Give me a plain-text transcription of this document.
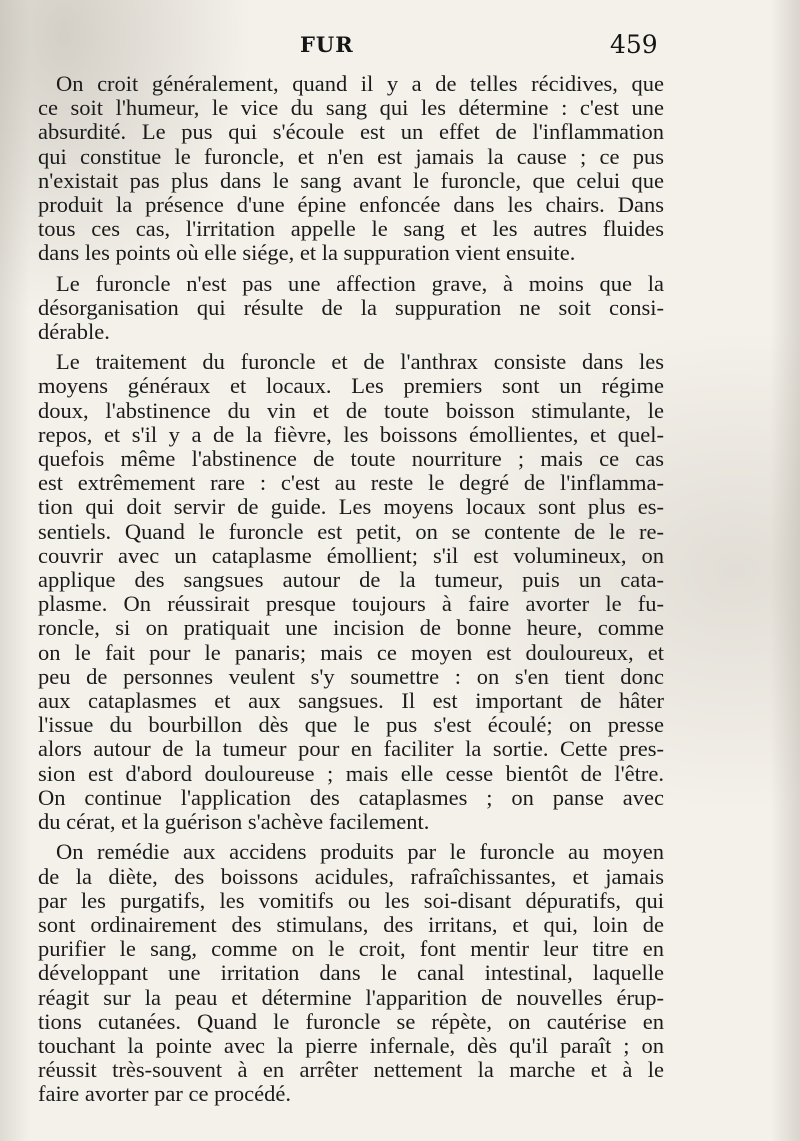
FUR	459
On croit généralement, quand il y a de telles récidives, que
ce soit l'humeur, le vice du sang qui les détermine : c'est une
absurdité. Le pus qui s'écoule est un effet de l'inflammation
qui constitue le furoncle, et n'en est jamais la cause ; ce pus
n'existait pas plus dans le sang avant le furoncle, que celui que
produit la présence d'une épine enfoncée dans les chairs. Dans
tous ces cas, l'irritation appelle le sang et les autres fluides
dans les points où elle siége, et la suppuration vient ensuite.
Le furoncle n'est pas une affection grave, à moins que la
désorganisation qui résulte de la suppuration ne soit consi-
dérable.
Le traitement du furoncle et de l'anthrax consiste dans les
moyens généraux et locaux. Les premiers sont un régime
doux, l'abstinence du vin et de toute boisson stimulante, le
repos, et s'il y a de la fièvre, les boissons émollientes, et quel-
quefois même l'abstinence de toute nourriture ; mais ce cas
est extrêmement rare : c'est au reste le degré de l'inflamma-
tion qui doit servir de guide. Les moyens locaux sont plus es-
sentiels. Quand le furoncle est petit, on se contente de le re-
couvrir avec un cataplasme émollient; s'il est volumineux, on
applique des sangsues autour de la tumeur, puis un cata-
plasme. On réussirait presque toujours à faire avorter le fu-
roncle, si on pratiquait une incision de bonne heure, comme
on le fait pour le panaris; mais ce moyen est douloureux, et
peu de personnes veulent s'y soumettre : on s'en tient donc
aux cataplasmes et aux sangsues. Il est important de hâter
l'issue du bourbillon dès que le pus s'est écoulé; on presse
alors autour de la tumeur pour en faciliter la sortie. Cette pres-
sion est d'abord douloureuse ; mais elle cesse bientôt de l'être.
On continue l'application des cataplasmes ; on panse avec
du cérat, et la guérison s'achève facilement.
On remédie aux accidens produits par le furoncle au moyen
de la diète, des boissons acidules, rafraîchissantes, et jamais
par les purgatifs, les vomitifs ou les soi-disant dépuratifs, qui
sont ordinairement des stimulans, des irritans, et qui, loin de
purifier le sang, comme on le croit, font mentir leur titre en
développant une irritation dans le canal intestinal, laquelle
réagit sur la peau et détermine l'apparition de nouvelles érup-
tions cutanées. Quand le furoncle se répète, on cautérise en
touchant la pointe avec la pierre infernale, dès qu'il paraît ; on
réussit très-souvent à en arrêter nettement la marche et à le
faire avorter par ce procédé.
